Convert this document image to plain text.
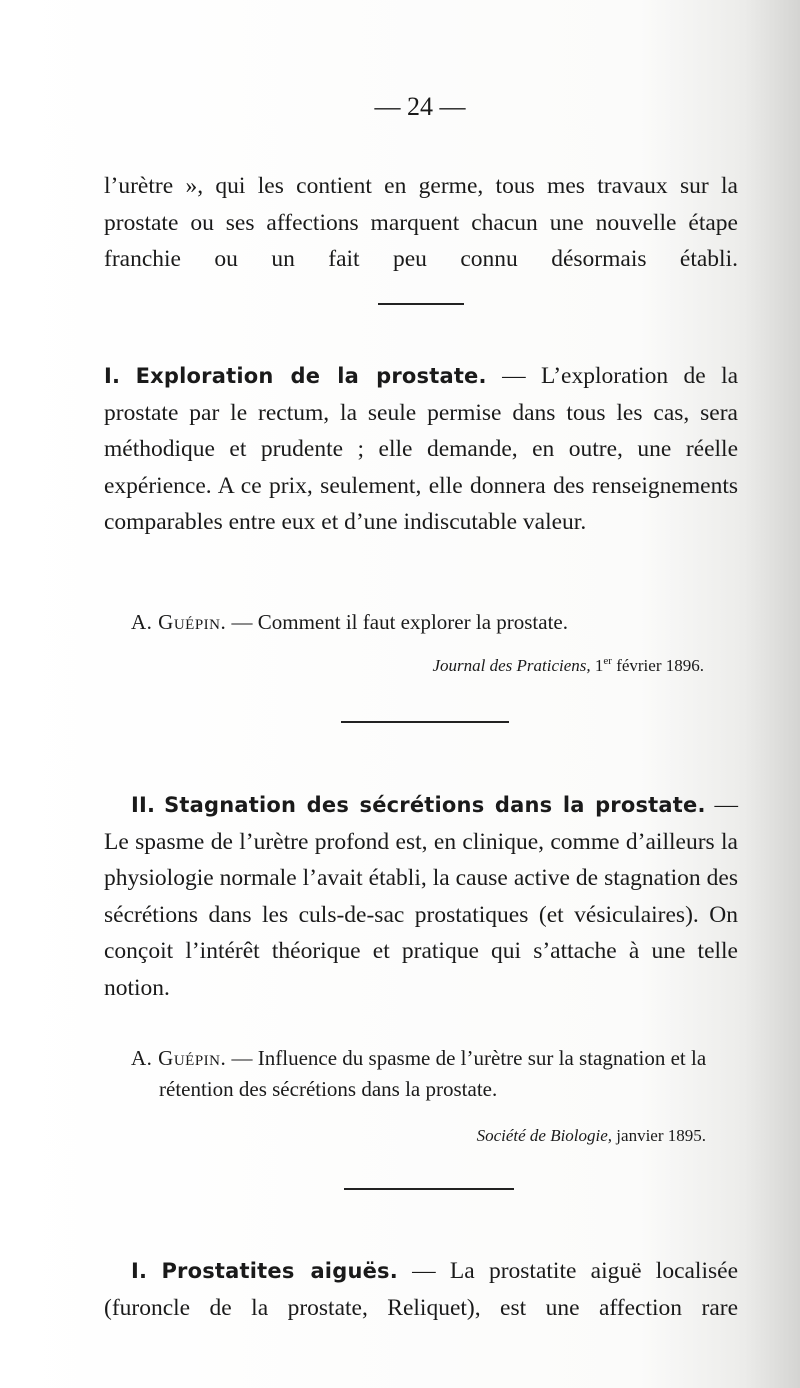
— 24 —

l’urètre », qui les contient en germe, tous mes travaux sur la prostate ou ses affections marquent chacun une nouvelle étape franchie ou un fait peu connu désormais établi.

I. Exploration de la prostate. — L’exploration de la prostate par le rectum, la seule permise dans tous les cas, sera méthodique et prudente ; elle demande, en outre, une réelle expérience. A ce prix, seulement, elle donnera des renseignements comparables entre eux et d’une indiscutable valeur.

A. Guépin. — Comment il faut explorer la prostate.

Journal des Praticiens, 1er février 1896.

II. Stagnation des sécrétions dans la prostate. — Le spasme de l’urètre profond est, en clinique, comme d’ailleurs la physiologie normale l’avait établi, la cause active de stagnation des sécrétions dans les culs-de-sac prostatiques (et vésiculaires). On conçoit l’intérêt théorique et pratique qui s’attache à une telle notion.

A. Guépin. — Influence du spasme de l’urètre sur la stagnation et la rétention des sécrétions dans la prostate.

Société de Biologie, janvier 1895.

I. Prostatites aiguës. — La prostatite aiguë localisée (furoncle de la prostate, Reliquet), est une affection rare
